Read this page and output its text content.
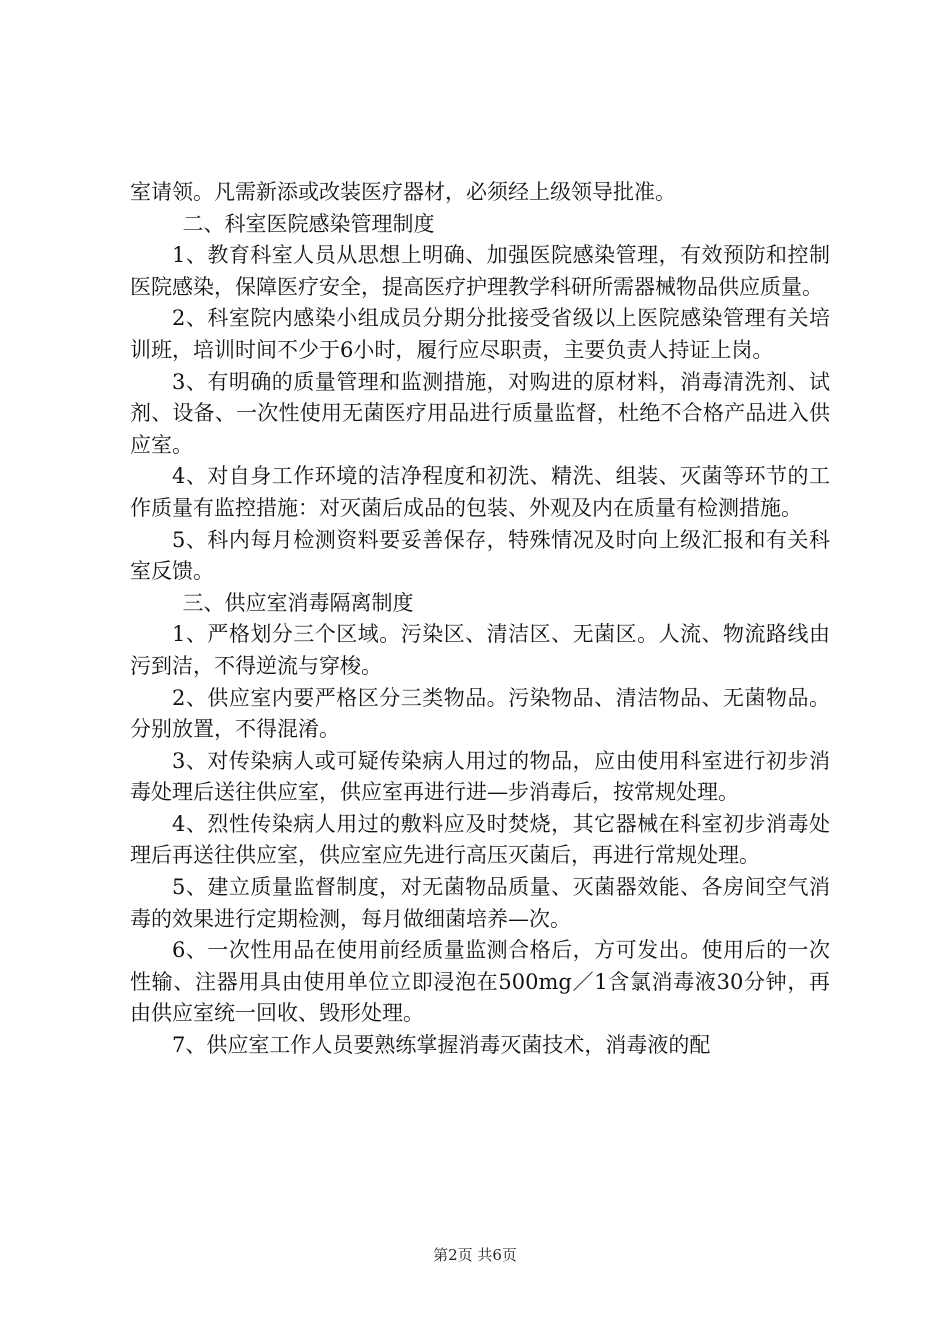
室请领。凡需新添或改装医疗器材，必须经上级领导批准。

二、科室医院感染管理制度

1、教育科室人员从思想上明确、加强医院感染管理，有效预防和控制医院感染，保障医疗安全，提高医疗护理教学科研所需器械物品供应质量。

2、科室院内感染小组成员分期分批接受省级以上医院感染管理有关培训班，培训时间不少于6小时，履行应尽职责，主要负责人持证上岗。

3、有明确的质量管理和监测措施，对购进的原材料，消毒清洗剂、试剂、设备、一次性使用无菌医疗用品进行质量监督，杜绝不合格产品进入供应室。

4、对自身工作环境的洁净程度和初洗、精洗、组装、灭菌等环节的工作质量有监控措施：对灭菌后成品的包装、外观及内在质量有检测措施。

5、科内每月检测资料要妥善保存，特殊情况及时向上级汇报和有关科室反馈。

三、供应室消毒隔离制度

1、严格划分三个区域。污染区、清洁区、无菌区。人流、物流路线由污到洁，不得逆流与穿梭。

2、供应室内要严格区分三类物品。污染物品、清洁物品、无菌物品。分别放置，不得混淆。

3、对传染病人或可疑传染病人用过的物品，应由使用科室进行初步消毒处理后送往供应室，供应室再进行进—步消毒后，按常规处理。

4、烈性传染病人用过的敷料应及时焚烧，其它器械在科室初步消毒处理后再送往供应室，供应室应先进行高压灭菌后，再进行常规处理。

5、建立质量监督制度，对无菌物品质量、灭菌器效能、各房间空气消毒的效果进行定期检测，每月做细菌培养—次。

6、一次性用品在使用前经质量监测合格后，方可发出。使用后的一次性输、注器用具由使用单位立即浸泡在500mg／1含氯消毒液30分钟，再由供应室统一回收、毁形处理。

7、供应室工作人员要熟练掌握消毒灭菌技术，消毒液的配

第2页 共6页
